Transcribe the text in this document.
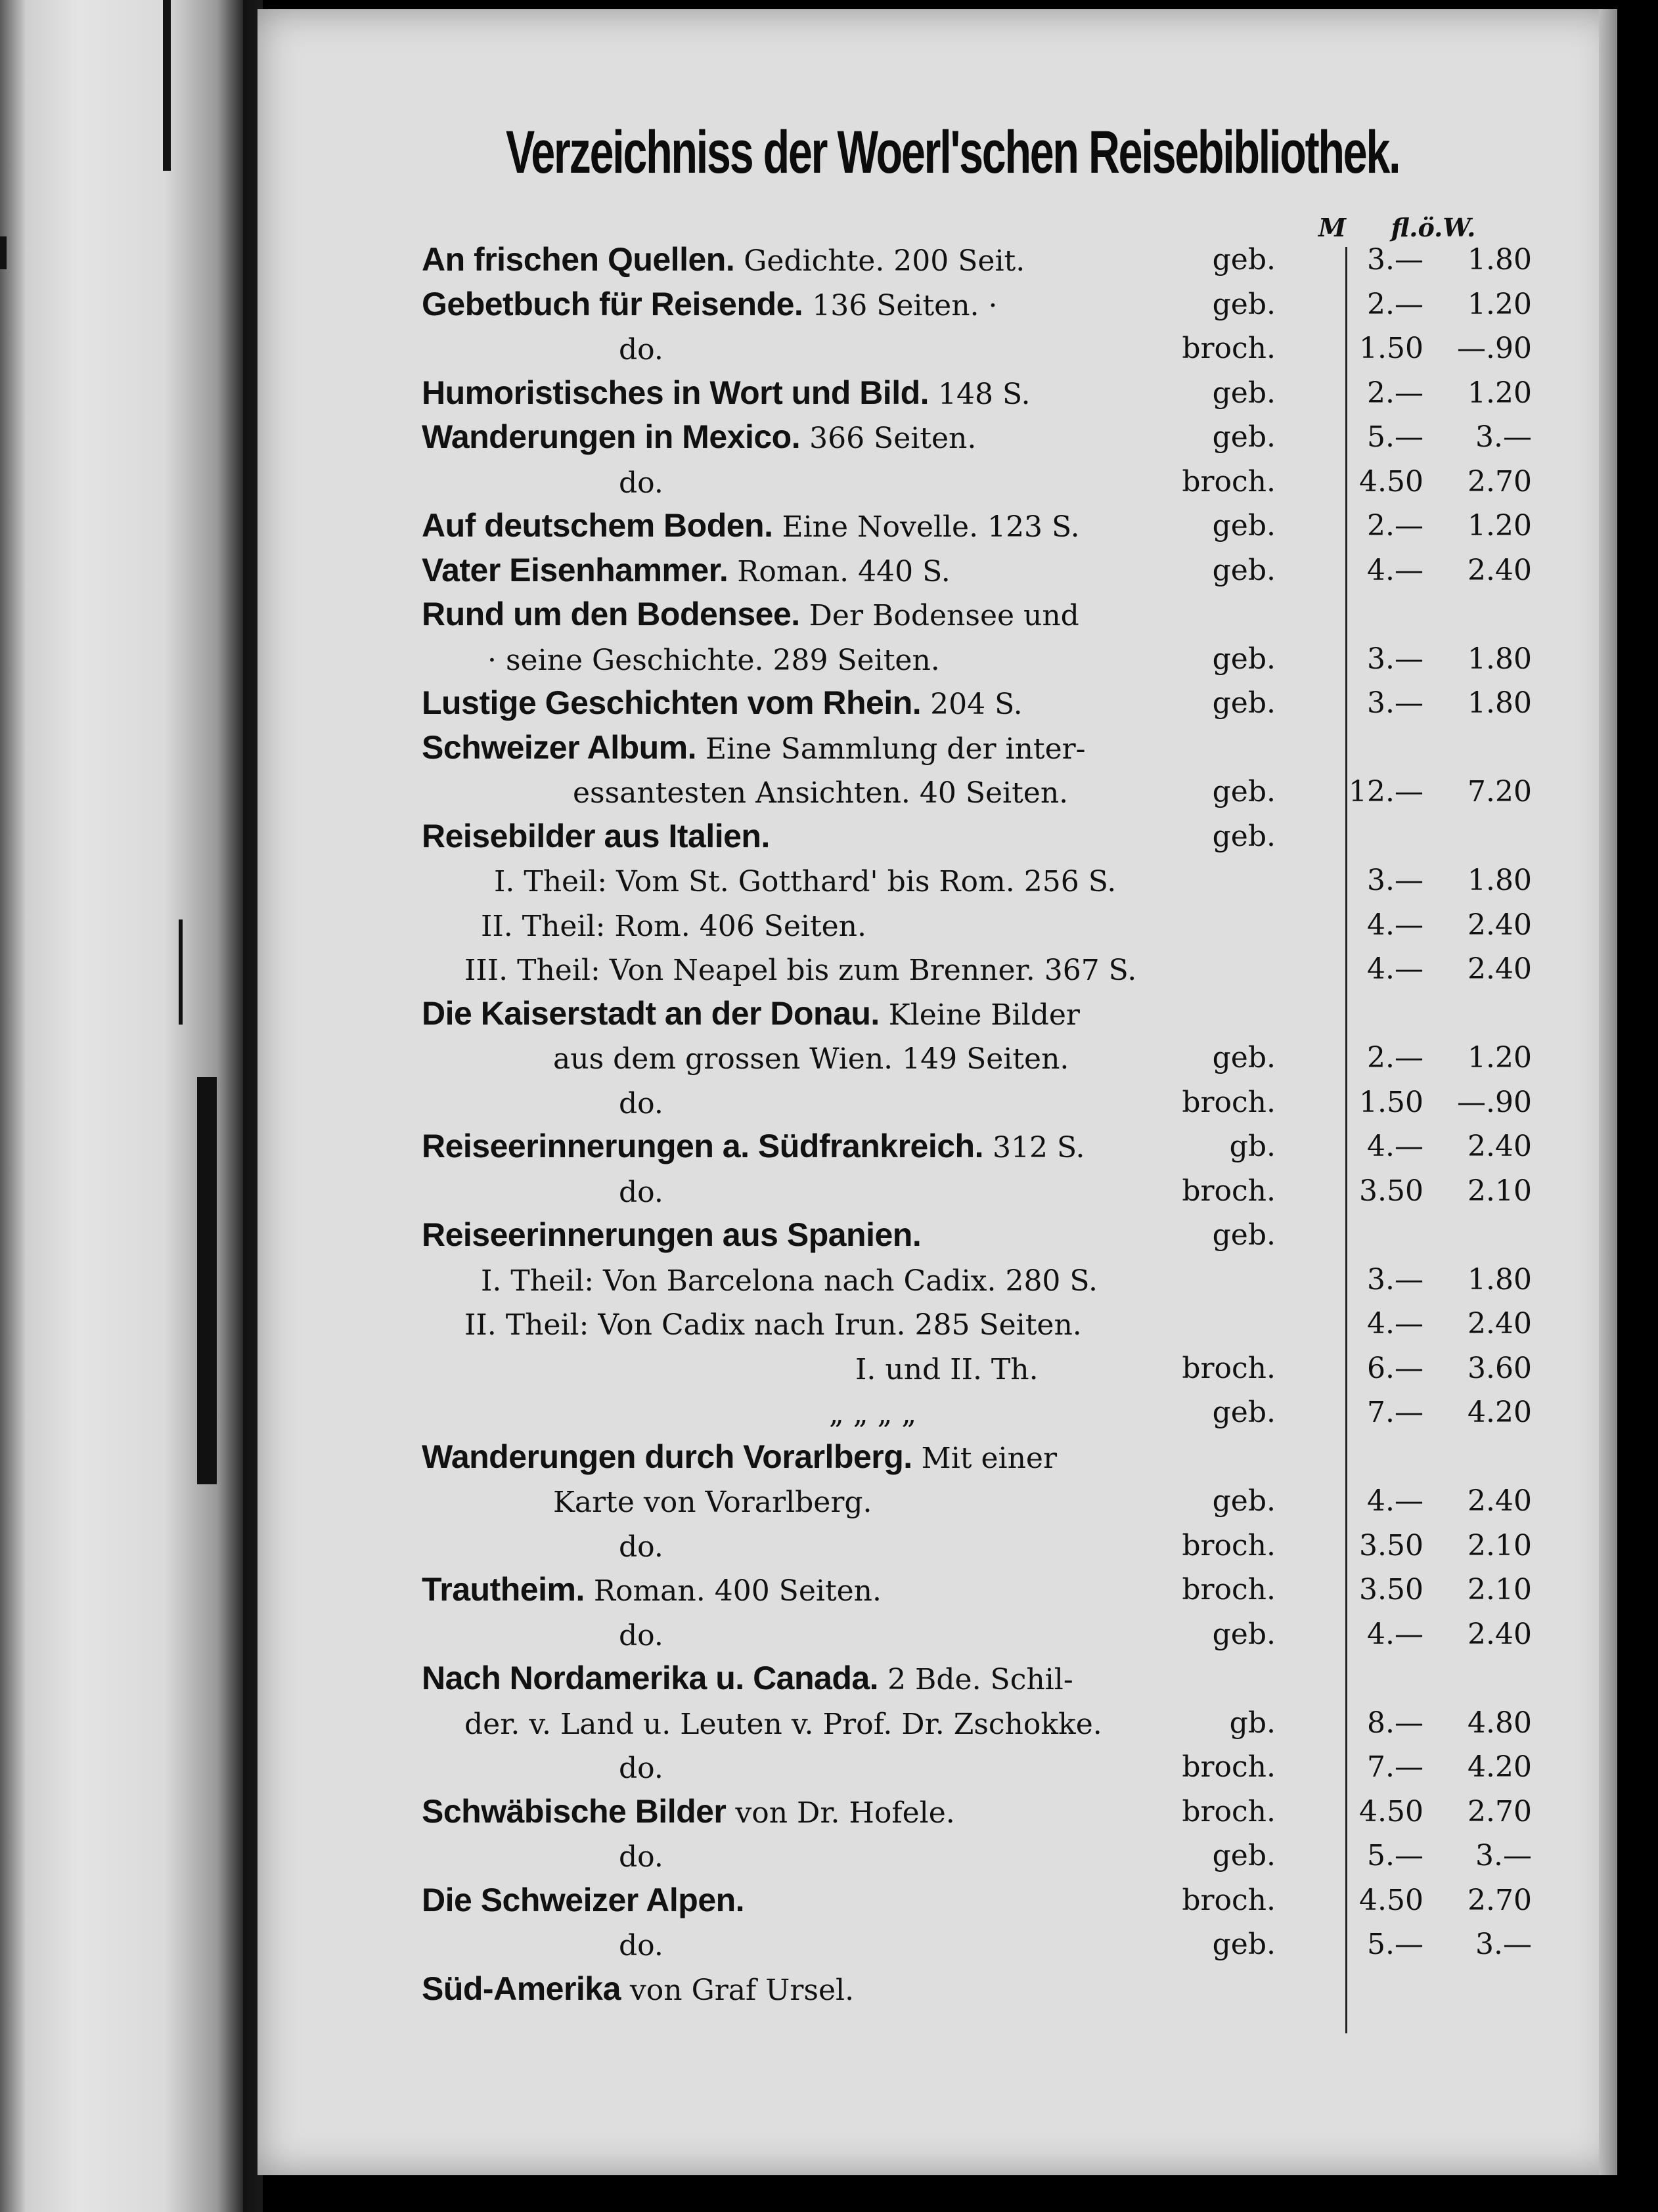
Verzeichniss der Woerl'schen Reisebibliothek.
M	fl.ö.W.
An frischen Quellen. Gedichte. 200 Seit.	geb.	3.—	1.80
Gebetbuch für Reisende. 136 Seiten. ·	geb.	2.—	1.20
do.	broch.	1.50	—.90
Humoristisches in Wort und Bild. 148 S.	geb.	2.—	1.20
Wanderungen in Mexico. 366 Seiten.	geb.	5.—	3.—
do.	broch.	4.50	2.70
Auf deutschem Boden. Eine Novelle. 123 S.	geb.	2.—	1.20
Vater Eisenhammer. Roman. 440 S.	geb.	4.—	2.40
Rund um den Bodensee. Der Bodensee und
· seine Geschichte. 289 Seiten.	geb.	3.—	1.80
Lustige Geschichten vom Rhein. 204 S.	geb.	3.—	1.80
Schweizer Album. Eine Sammlung der inter-
essantesten Ansichten. 40 Seiten.	geb.	12.—	7.20
Reisebilder aus Italien.	geb.
I. Theil: Vom St. Gotthard' bis Rom. 256 S.	3.—	1.80
II. Theil: Rom. 406 Seiten.	4.—	2.40
III. Theil: Von Neapel bis zum Brenner. 367 S.	4.—	2.40
Die Kaiserstadt an der Donau. Kleine Bilder
aus dem grossen Wien. 149 Seiten.	geb.	2.—	1.20
do.	broch.	1.50	—.90
Reiseerinnerungen a. Südfrankreich. 312 S.	gb.	4.—	2.40
do.	broch.	3.50	2.10
Reiseerinnerungen aus Spanien.	geb.
I. Theil: Von Barcelona nach Cadix. 280 S.	3.—	1.80
II. Theil: Von Cadix nach Irun. 285 Seiten.	4.—	2.40
I. und II. Th.	broch.	6.—	3.60
„ „ „ „	geb.	7.—	4.20
Wanderungen durch Vorarlberg. Mit einer
Karte von Vorarlberg.	geb.	4.—	2.40
do.	broch.	3.50	2.10
Trautheim. Roman. 400 Seiten.	broch.	3.50	2.10
do.	geb.	4.—	2.40
Nach Nordamerika u. Canada. 2 Bde. Schil-
der. v. Land u. Leuten v. Prof. Dr. Zschokke.	gb.	8.—	4.80
do.	broch.	7.—	4.20
Schwäbische Bilder von Dr. Hofele.	broch.	4.50	2.70
do.	geb.	5.—	3.—
Die Schweizer Alpen.	broch.	4.50	2.70
do.	geb.	5.—	3.—
Süd-Amerika von Graf Ursel.
